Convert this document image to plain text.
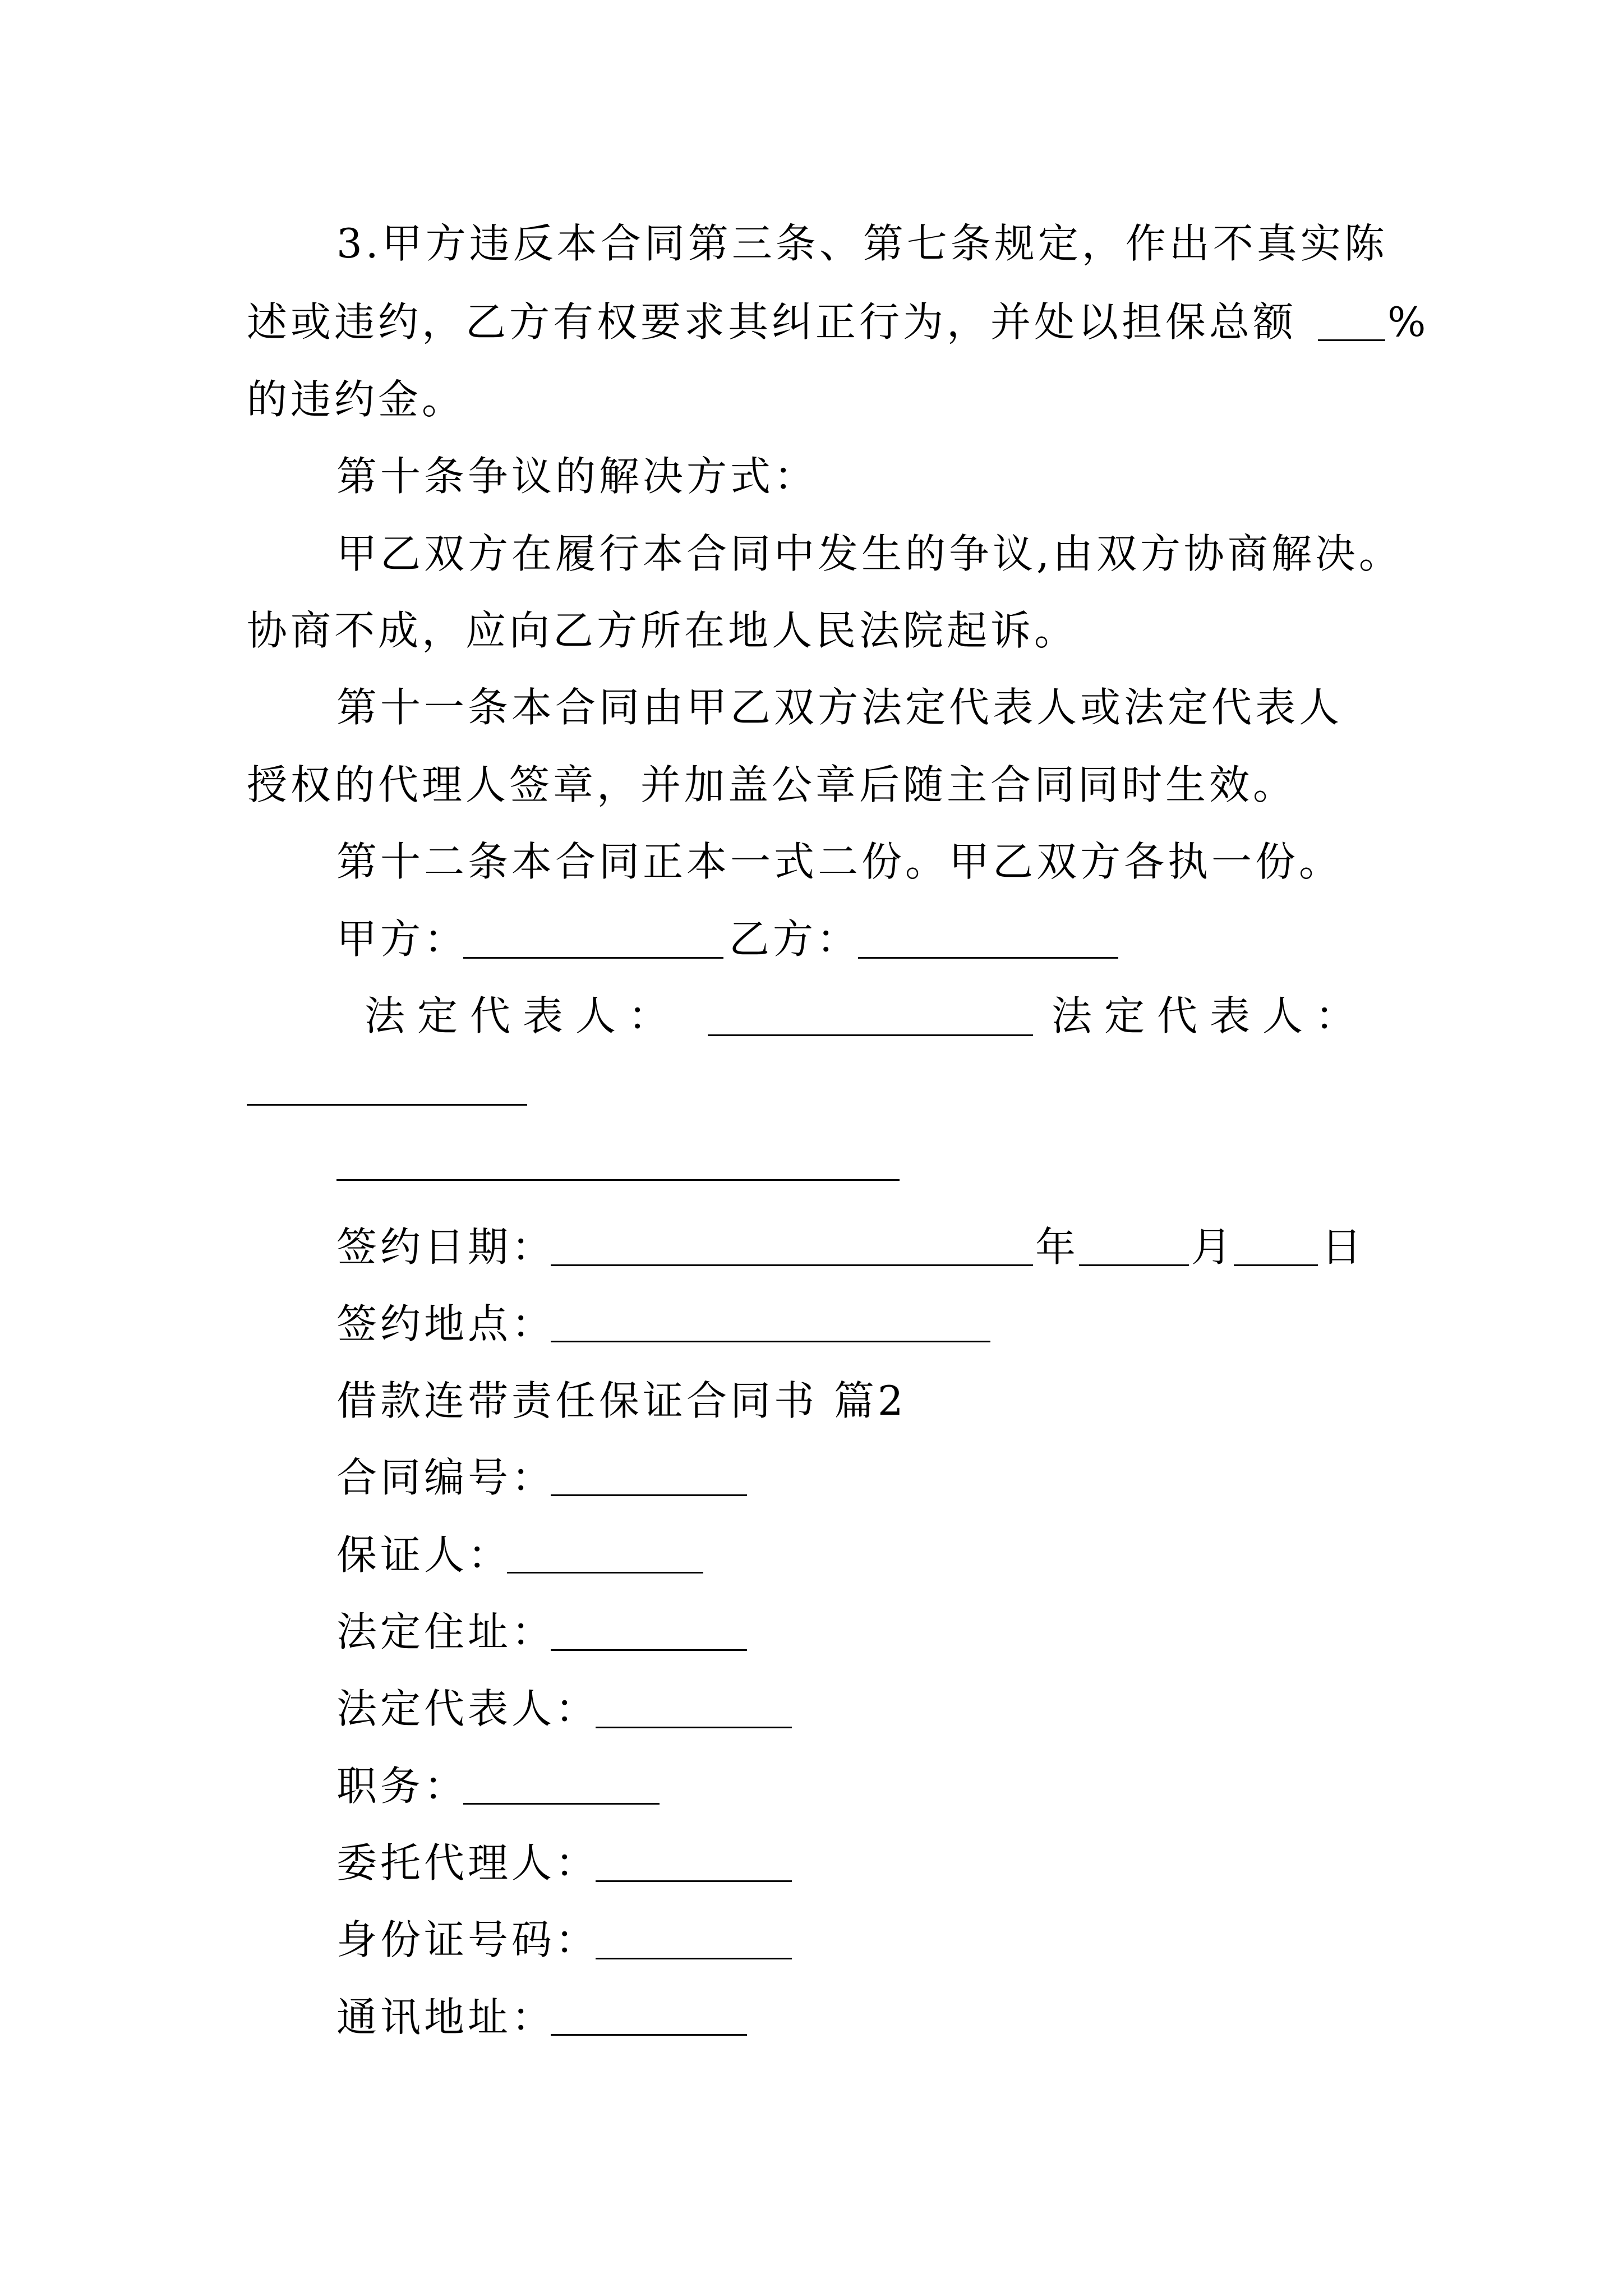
3.甲方违反本合同第三条、第七条规定，作出不真实陈
述或违约，乙方有权要求其纠正行为，并处以担保总额 %
的违约金。
第十条争议的解决方式：
甲乙双方在履行本合同中发生的争议,由双方协商解决。
协商不成，应向乙方所在地人民法院起诉。
第十一条本合同由甲乙双方法定代表人或法定代表人
授权的代理人签章，并加盖公章后随主合同同时生效。
第十二条本合同正本一式二份。甲乙双方各执一份。
甲方：	乙方：
法定代表人：	法定代表人：
签约日期：	年	月 日
签约地点：
借款连带责任保证合同书 篇2
合同编号：
保证人：
法定住址：
法定代表人：
职务：
委托代理人：
身份证号码：
通讯地址：
